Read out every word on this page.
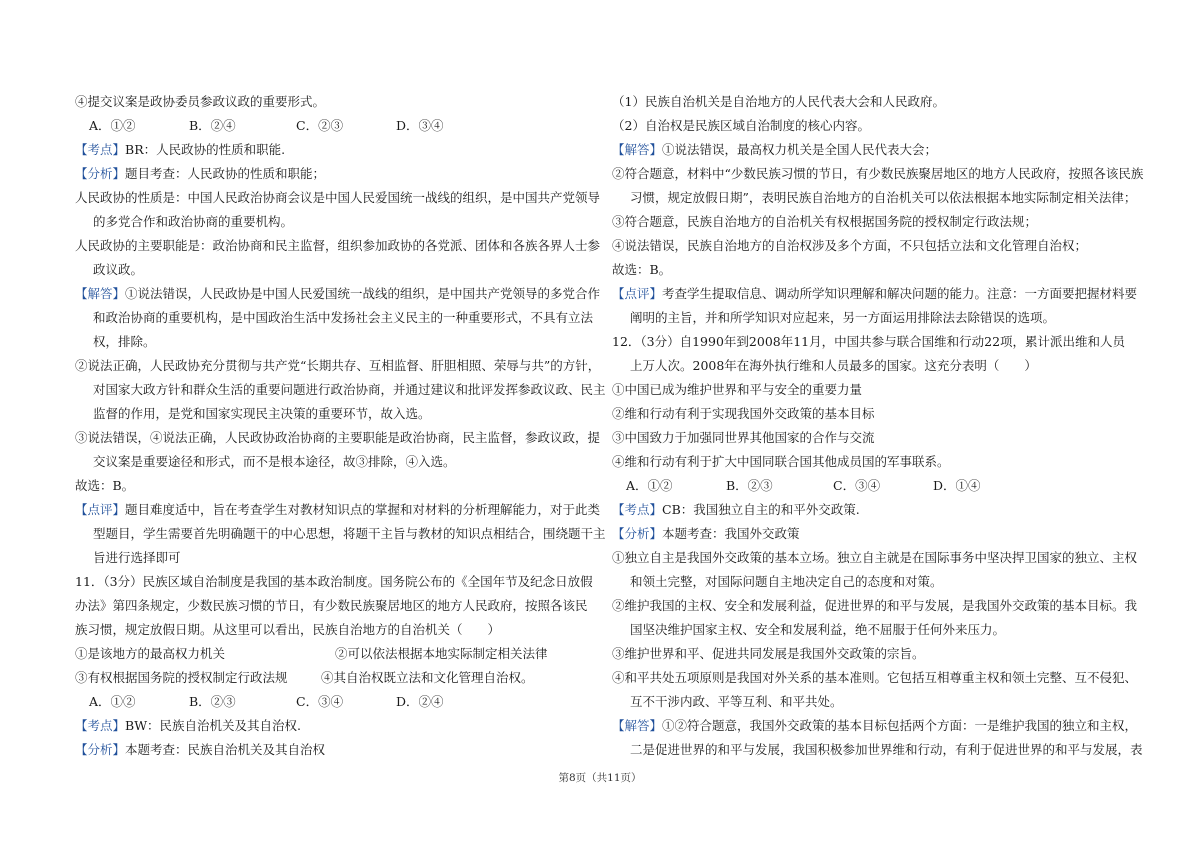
④提交议案是政协委员参政议政的重要形式。
A．①②	B．②④	C．②③	D．③④
【考点】BR：人民政协的性质和职能.
【分析】题目考查：人民政协的性质和职能；
人民政协的性质是：中国人民政治协商会议是中国人民爱国统一战线的组织，是中国共产党领导
的多党合作和政治协商的重要机构。
人民政协的主要职能是：政治协商和民主监督，组织参加政协的各党派、团体和各族各界人士参
政议政。
【解答】①说法错误，人民政协是中国人民爱国统一战线的组织，是中国共产党领导的多党合作
和政治协商的重要机构，是中国政治生活中发扬社会主义民主的一种重要形式，不具有立法
权，排除。
②说法正确，人民政协充分贯彻与共产党“长期共存、互相监督、肝胆相照、荣辱与共”的方针，
对国家大政方针和群众生活的重要问题进行政治协商，并通过建议和批评发挥参政议政、民主
监督的作用，是党和国家实现民主决策的重要环节，故入选。
③说法错误，④说法正确，人民政协政治协商的主要职能是政治协商，民主监督，参政议政，提
交议案是重要途径和形式，而不是根本途径，故③排除，④入选。
故选：B。
【点评】题目难度适中，旨在考查学生对教材知识点的掌握和对材料的分析理解能力，对于此类
型题目，学生需要首先明确题干的中心思想，将题干主旨与教材的知识点相结合，围绕题干主
旨进行选择即可
11．（3分）民族区域自治制度是我国的基本政治制度。国务院公布的《全国年节及纪念日放假
办法》第四条规定，少数民族习惯的节日，有少数民族聚居地区的地方人民政府，按照各该民
族习惯，规定放假日期。从这里可以看出，民族自治地方的自治机关（　　）
①是该地方的最高权力机关	②可以依法根据本地实际制定相关法律
③有权根据国务院的授权制定行政法规	④其自治权既立法和文化管理自治权。
A．①②	B．②③	C．③④	D．②④
【考点】BW：民族自治机关及其自治权.
【分析】本题考查：民族自治机关及其自治权
（1）民族自治机关是自治地方的人民代表大会和人民政府。
（2）自治权是民族区域自治制度的核心内容。
【解答】①说法错误，最高权力机关是全国人民代表大会；
②符合题意，材料中“少数民族习惯的节日，有少数民族聚居地区的地方人民政府，按照各该民族
习惯，规定放假日期”，表明民族自治地方的自治机关可以依法根据本地实际制定相关法律；
③符合题意，民族自治地方的自治机关有权根据国务院的授权制定行政法规；
④说法错误，民族自治地方的自治权涉及多个方面，不只包括立法和文化管理自治权；
故选：B。
【点评】考查学生提取信息、调动所学知识理解和解决问题的能力。注意：一方面要把握材料要
阐明的主旨，并和所学知识对应起来，另一方面运用排除法去除错误的选项。
12．（3分）自1990年到2008年11月，中国共参与联合国维和行动22项，累计派出维和人员
上万人次。2008年在海外执行维和人员最多的国家。这充分表明（　　）
①中国已成为维护世界和平与安全的重要力量
②维和行动有利于实现我国外交政策的基本目标
③中国致力于加强同世界其他国家的合作与交流
④维和行动有利于扩大中国同联合国其他成员国的军事联系。
A．①②	B．②③	C．③④	D．①④
【考点】CB：我国独立自主的和平外交政策.
【分析】本题考查：我国外交政策
①独立自主是我国外交政策的基本立场。独立自主就是在国际事务中坚决捍卫国家的独立、主权
和领土完整，对国际问题自主地决定自己的态度和对策。
②维护我国的主权、安全和发展利益，促进世界的和平与发展，是我国外交政策的基本目标。我
国坚决维护国家主权、安全和发展利益，绝不屈服于任何外来压力。
③维护世界和平、促进共同发展是我国外交政策的宗旨。
④和平共处五项原则是我国对外关系的基本准则。它包括互相尊重主权和领土完整、互不侵犯、
互不干涉内政、平等互利、和平共处。
【解答】①②符合题意，我国外交政策的基本目标包括两个方面：一是维护我国的独立和主权，
二是促进世界的和平与发展，我国积极参加世界维和行动，有利于促进世界的和平与发展，表
第8页（共11页）
